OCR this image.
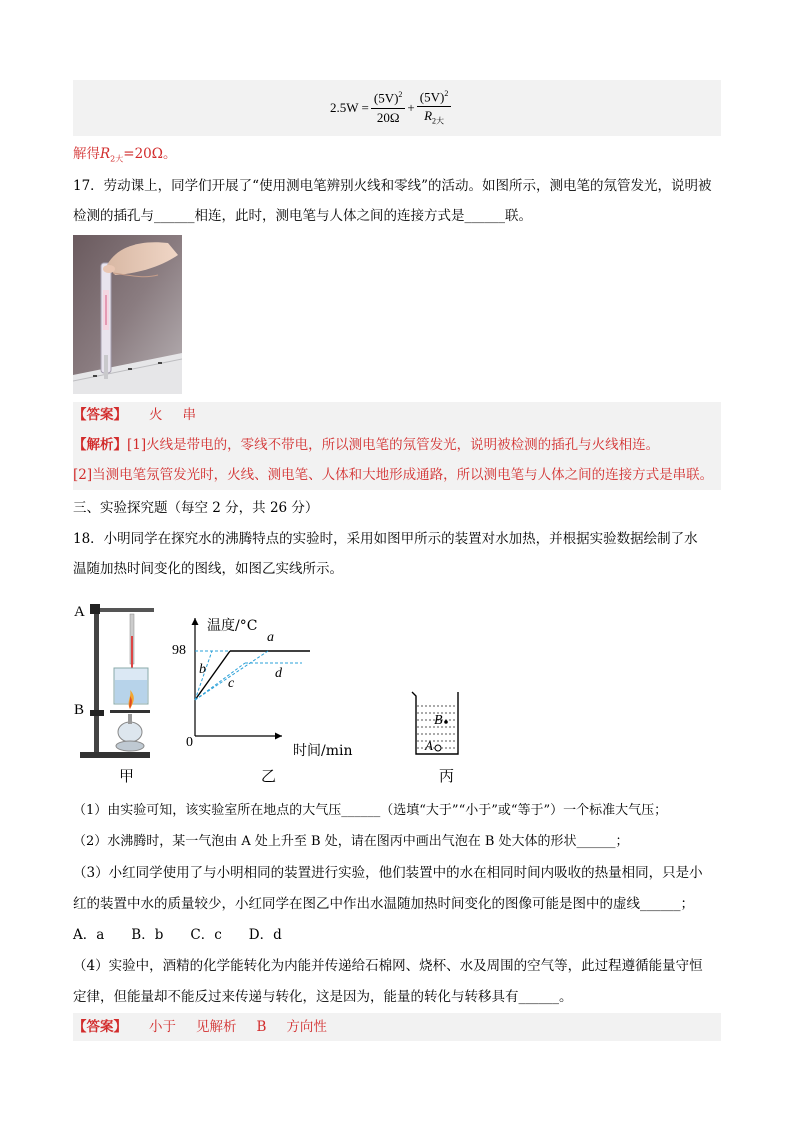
$2.5W = \frac{(5V)^2}{20\Omega} + \frac{(5V)^2}{R_{2大}}$
解得$R_{2大}=20\Omega$。
17．劳动课上，同学们开展了“使用测电笔辨别火线和零线”的活动。如图所示，测电笔的氖管发光，说明被
检测的插孔与______相连，此时，测电笔与人体之间的连接方式是______联。
【答案】 火 串
【解析】[1]火线是带电的，零线不带电，所以测电笔的氖管发光，说明被检测的插孔与火线相连。
[2]当测电笔氖管发光时，火线、测电笔、人体和大地形成通路，所以测电笔与人体之间的连接方式是串联。
三、实验探究题（每空 2 分，共 26 分）
18．小明同学在探究水的沸腾特点的实验时，采用如图甲所示的装置对水加热，并根据实验数据绘制了水
温随加热时间变化的图线，如图乙实线所示。
A
B
甲
温度/°C
98
0
时间/min
a
b
c
d
乙
B
A
丙
（1）由实验可知，该实验室所在地点的大气压______（选填“大于”“小于”或“等于”）一个标准大气压；
（2）水沸腾时，某一气泡由 A 处上升至 B 处，请在图丙中画出气泡在 B 处大体的形状______；
（3）小红同学使用了与小明相同的装置进行实验，他们装置中的水在相同时间内吸收的热量相同，只是小
红的装置中水的质量较少，小红同学在图乙中作出水温随加热时间变化的图像可能是图中的虚线______；
A．a　　B．b　　C．c　　D．d
（4）实验中，酒精的化学能转化为内能并传递给石棉网、烧杯、水及周围的空气等，此过程遵循能量守恒
定律，但能量却不能反过来传递与转化，这是因为，能量的转化与转移具有______。
【答案】 小于 见解析 B 方向性
